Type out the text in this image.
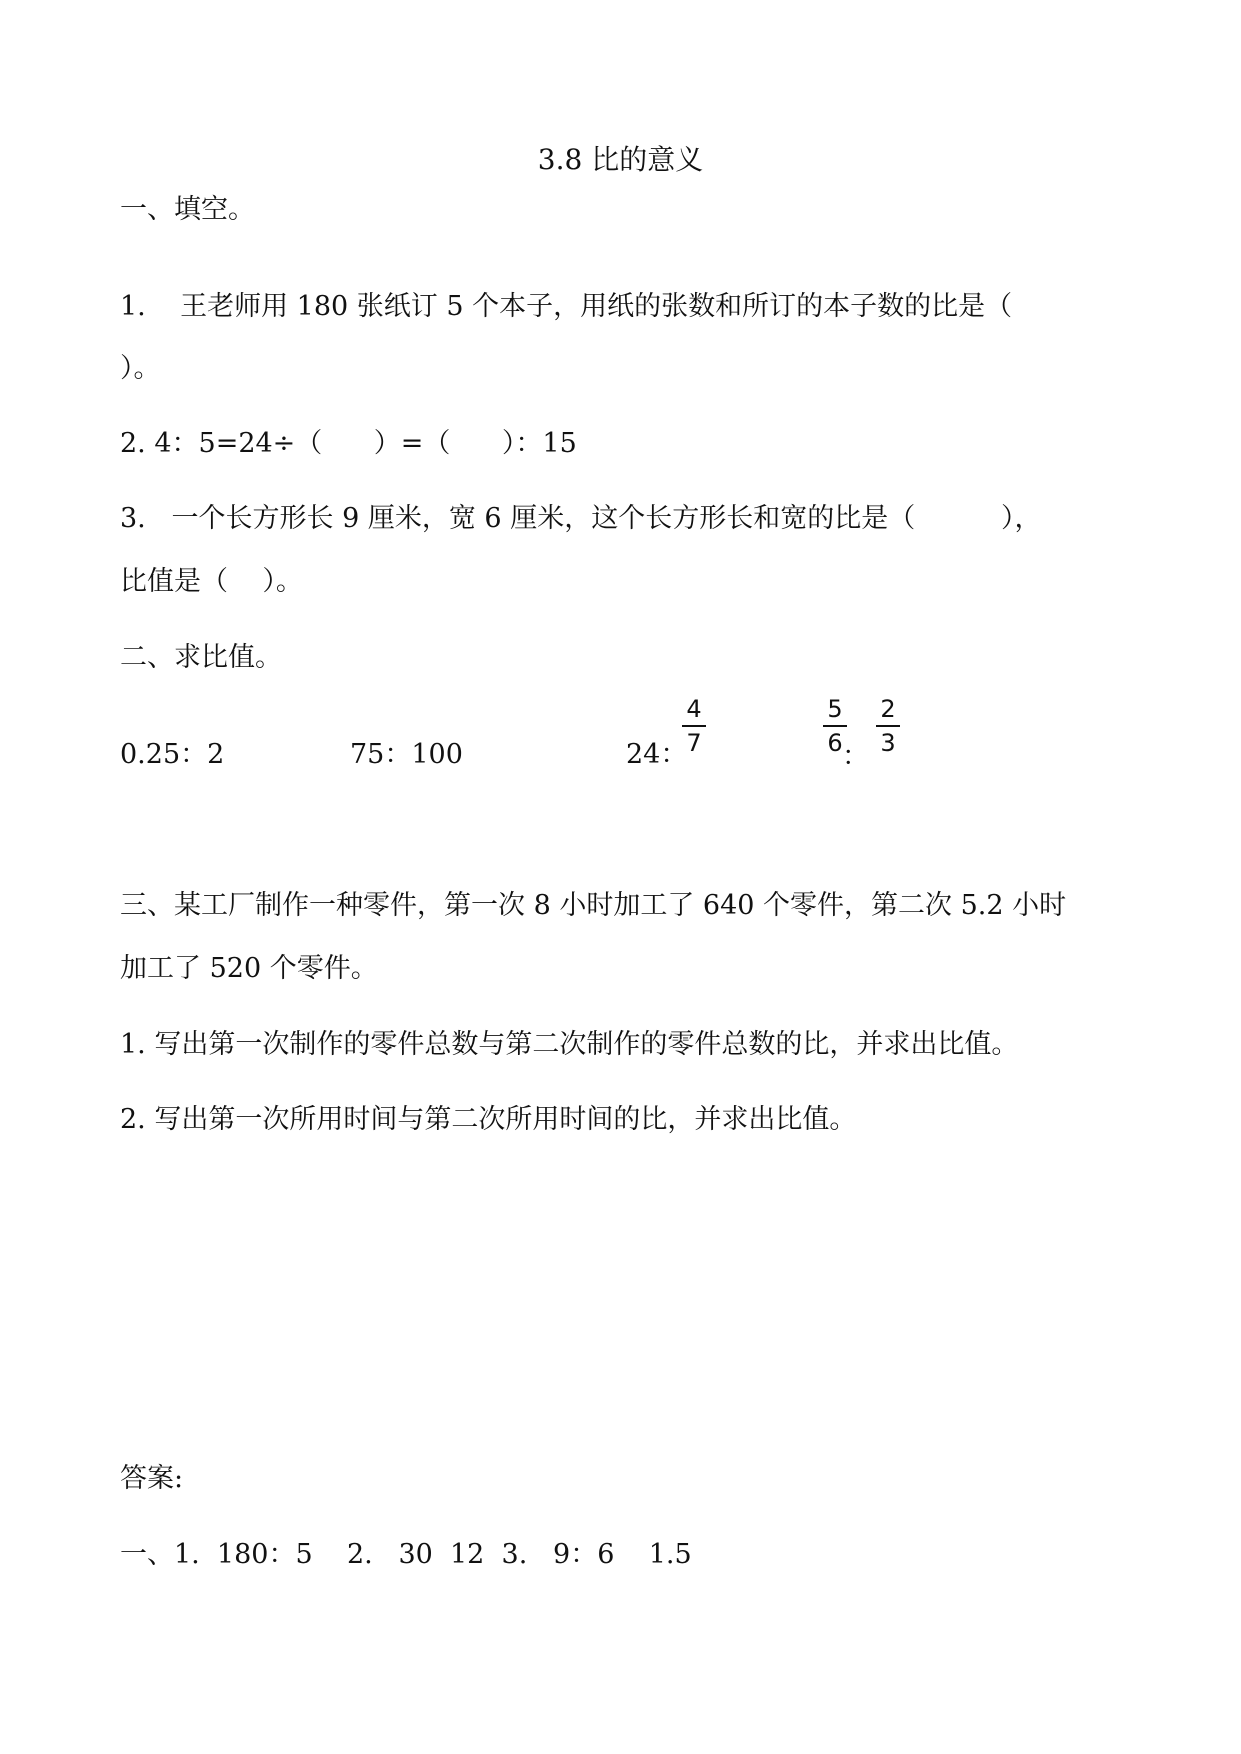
3.8 比的意义
一、填空。
1.    王老师用 180 张纸订 5 个本子，用纸的张数和所订的本子数的比是（
）。
2. 4：5=24÷（      ）=（      ）：15
3.   一个长方形长 9 厘米，宽 6 厘米，这个长方形长和宽的比是（          ），
比值是（    ）。
二、求比值。
0.25：2	75：100	24：
4
7
5
6 ：
2
3
三、某工厂制作一种零件，第一次 8 小时加工了 640 个零件，第二次 5.2 小时
加工了 520 个零件。
1. 写出第一次制作的零件总数与第二次制作的零件总数的比，并求出比值。
2. 写出第一次所用时间与第二次所用时间的比，并求出比值。
答案:
一、1.  180：5    2.   30  12  3.   9：6    1.5
